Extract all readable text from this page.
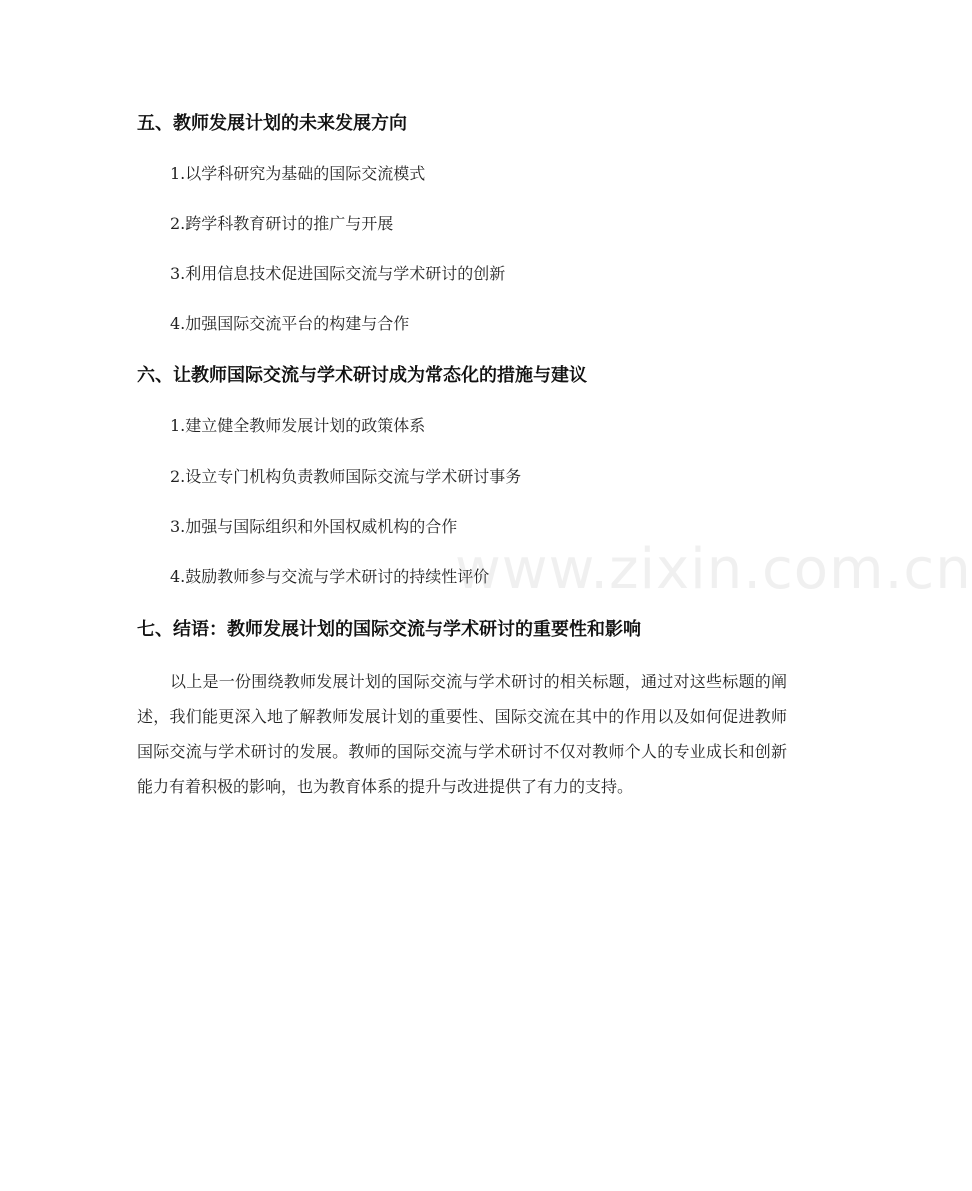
五、教师发展计划的未来发展方向
1.以学科研究为基础的国际交流模式
2.跨学科教育研讨的推广与开展
3.利用信息技术促进国际交流与学术研讨的创新
4.加强国际交流平台的构建与合作
六、让教师国际交流与学术研讨成为常态化的措施与建议
1.建立健全教师发展计划的政策体系
2.设立专门机构负责教师国际交流与学术研讨事务
3.加强与国际组织和外国权威机构的合作
4.鼓励教师参与交流与学术研讨的持续性评价
七、结语：教师发展计划的国际交流与学术研讨的重要性和影响
以上是一份围绕教师发展计划的国际交流与学术研讨的相关标题，通过对这些标题的阐述，我们能更深入地了解教师发展计划的重要性、国际交流在其中的作用以及如何促进教师国际交流与学术研讨的发展。教师的国际交流与学术研讨不仅对教师个人的专业成长和创新能力有着积极的影响，也为教育体系的提升与改进提供了有力的支持。
www.zixin.com.cn
